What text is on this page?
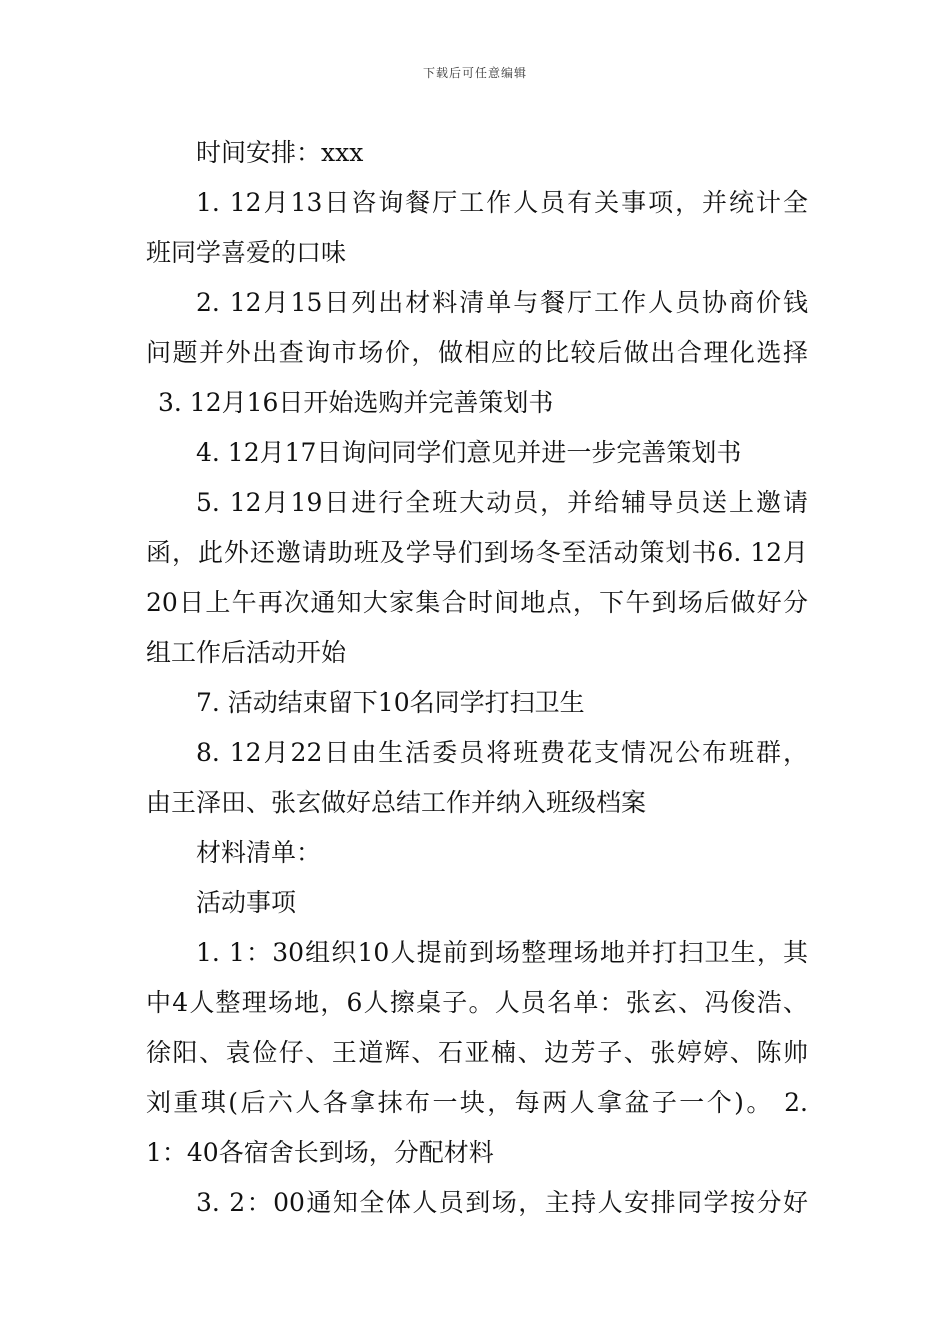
下载后可任意编辑

时间安排：xxx

1. 12月13日咨询餐厅工作人员有关事项，并统计全

班同学喜爱的口味

2. 12月15日列出材料清单与餐厅工作人员协商价钱

问题并外出查询市场价，做相应的比较后做出合理化选择

3. 12月16日开始选购并完善策划书

4. 12月17日询问同学们意见并进一步完善策划书

5. 12月19日进行全班大动员，并给辅导员送上邀请

函，此外还邀请助班及学导们到场冬至活动策划书6. 12月

20日上午再次通知大家集合时间地点，下午到场后做好分

组工作后活动开始

7. 活动结束留下10名同学打扫卫生

8. 12月22日由生活委员将班费花支情况公布班群，

由王泽田、张玄做好总结工作并纳入班级档案

材料清单：

活动事项

1. 1：30组织10人提前到场整理场地并打扫卫生，其

中4人整理场地，6人擦桌子。人员名单：张玄、冯俊浩、

徐阳、袁俭仔、王道辉、石亚楠、边芳子、张婷婷、陈帅

刘重琪(后六人各拿抹布一块，每两人拿盆子一个)。 2.

1：40各宿舍长到场，分配材料

3. 2：00通知全体人员到场，主持人安排同学按分好
